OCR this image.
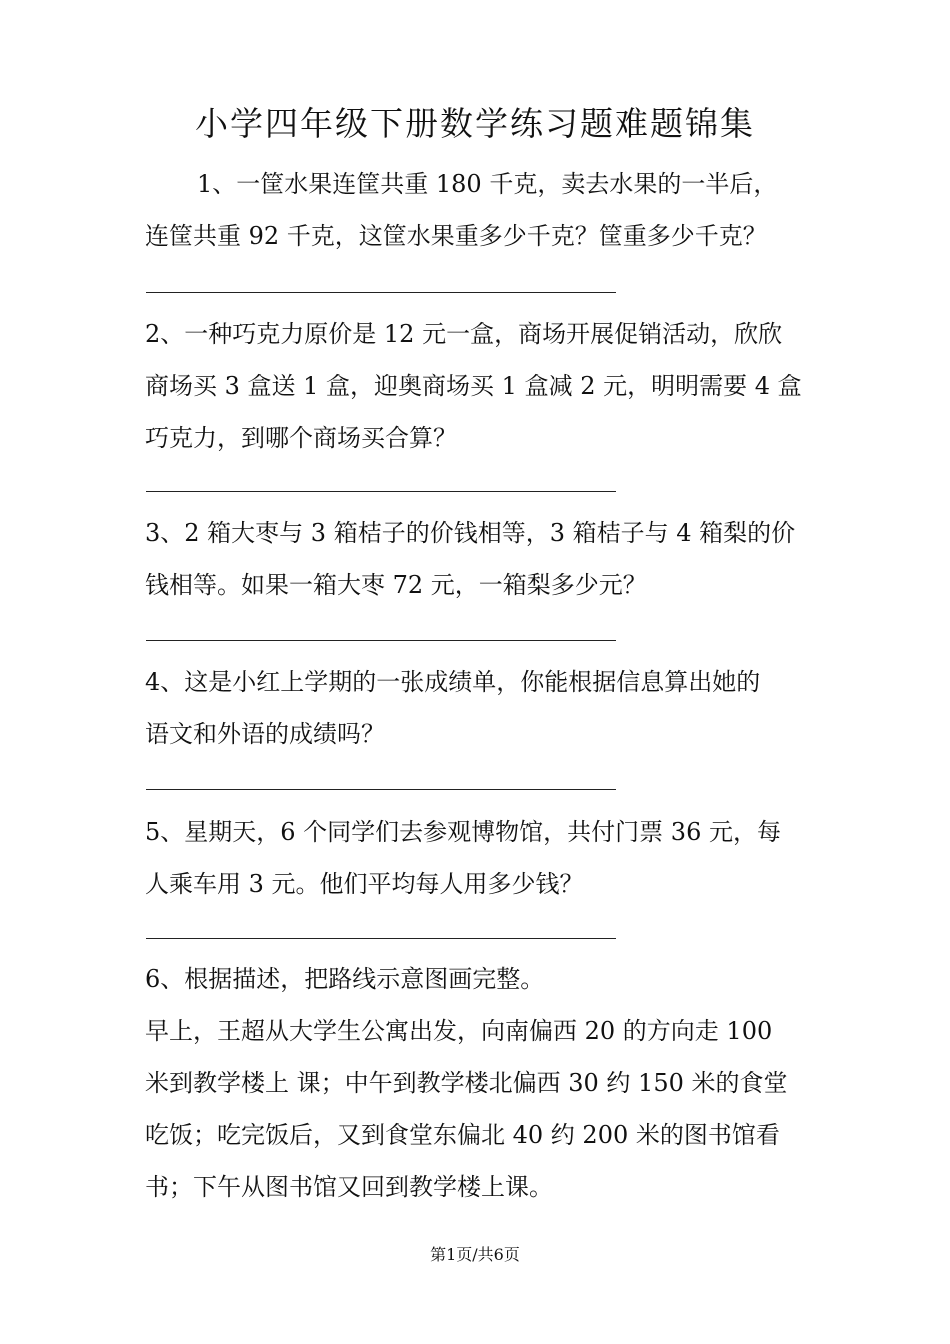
小学四年级下册数学练习题难题锦集
1、一筐水果连筐共重 180 千克，卖去水果的一半后，
连筐共重 92 千克，这筐水果重多少千克？筐重多少千克？
2、一种巧克力原价是 12 元一盒，商场开展促销活动，欣欣
商场买 3 盒送 1 盒，迎奥商场买 1 盒减 2 元，明明需要 4 盒
巧克力，到哪个商场买合算？
3、2 箱大枣与 3 箱桔子的价钱相等，3 箱桔子与 4 箱梨的价
钱相等。如果一箱大枣 72 元，一箱梨多少元？
4、这是小红上学期的一张成绩单，你能根据信息算出她的
语文和外语的成绩吗？
5、星期天，6 个同学们去参观博物馆，共付门票 36 元，每
人乘车用 3 元。他们平均每人用多少钱？
6、根据描述，把路线示意图画完整。
早上，王超从大学生公寓出发，向南偏西 20 的方向走 100
米到教学楼上 课；中午到教学楼北偏西 30 约 150 米的食堂
吃饭；吃完饭后，又到食堂东偏北 40 约 200 米的图书馆看
书；下午从图书馆又回到教学楼上课。
第1页/共6页
